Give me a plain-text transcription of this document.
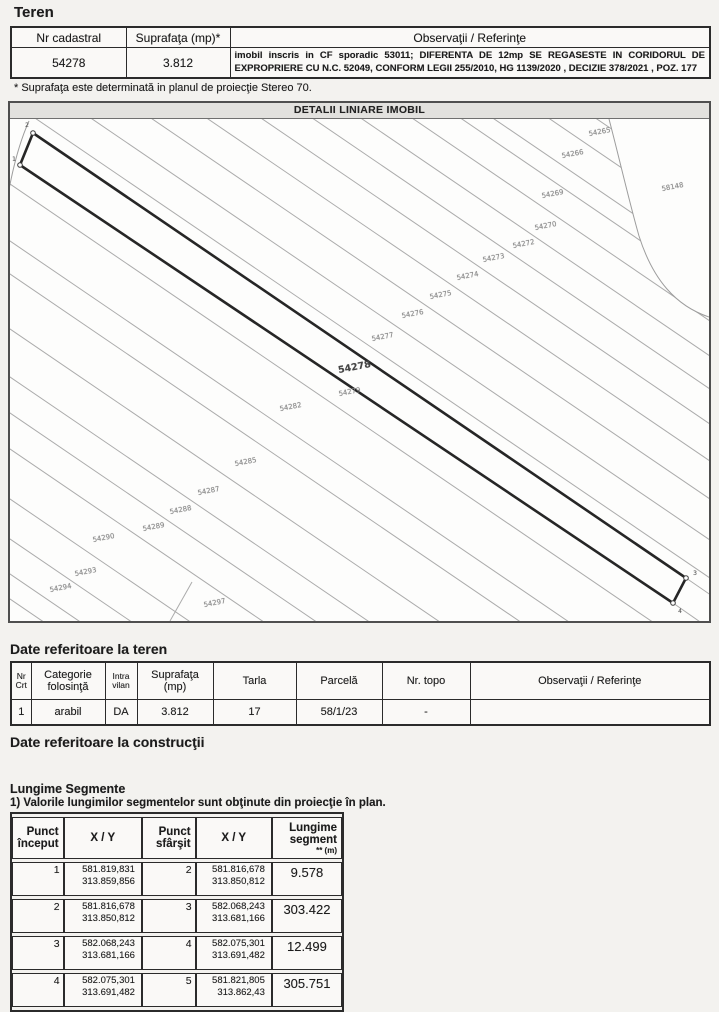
Teren
Nr cadastral	Suprafaţa (mp)*	Observaţii / Referinţe
54278	3.812	imobil inscris in CF sporadic 53011; DIFERENTA DE 12mp SE REGASESTE IN CORIDORUL DE EXPROPRIERE CU N.C. 52049, CONFORM LEGII 255/2010, HG 1139/2020 , DECIZIE 378/2021 , POZ. 177
* Suprafaţa este determinată in planul de proiecţie Stereo 70.
DETALII LINIARE IMOBIL
2
1
3
4
54265
54266
58148
54269
54270
54272
54273
54274
54275
54276
54277
54278
54279
54282
54285
54287
54288
54289
54290
54293
54294
54297
Date referitoare la teren
Nr Crt	Categorie folosinţă	Intra vilan	Suprafaţa (mp)	Tarla	Parcelă	Nr. topo	Observaţii / Referinţe
1	arabil	DA	3.812	17	58/1/23	-	
Date referitoare la construcţii
Lungime Segmente
1) Valorile lungimilor segmentelor sunt obţinute din proiecţie în plan.
Punct început	X / Y	Punct sfârşit	X / Y	Lungime segment
** (m)

1	581.819,831
313.859,856
	2	581.816,678
313.850,812
	9.578
2	581.816,678
313.850,812
	3	582.068,243
313.681,166
	303.422
3	582.068,243
313.681,166
	4	582.075,301
313.691,482
	12.499
4	582.075,301
313.691,482
	5	581.821,805
313.862,43
	305.751
